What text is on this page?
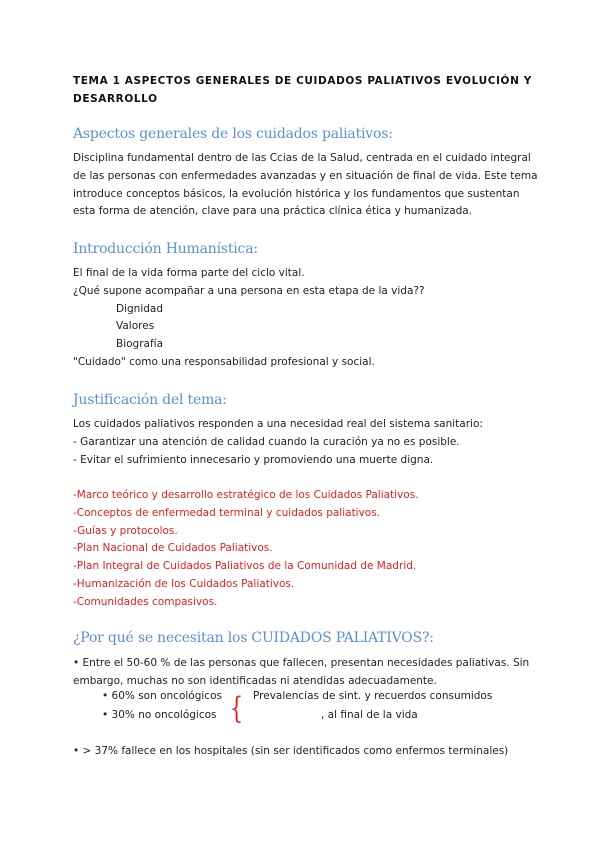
TEMA 1 ASPECTOS GENERALES DE CUIDADOS PALIATIVOS EVOLUCIÓN Y DESARROLLO
Aspectos generales de los cuidados paliativos:
Disciplina fundamental dentro de las Ccias de la Salud, centrada en el cuidado integral
de las personas con enfermedades avanzadas y en situación de final de vida. Este tema
introduce conceptos básicos, la evolución histórica y los fundamentos que sustentan
esta forma de atención, clave para una práctica clínica ética y humanizada.
Introducción Humanística:
El final de la vida forma parte del ciclo vital.
¿Qué supone acompañar a una persona en esta etapa de la vida??
Dignidad
Valores
Biografía
"Cuidado" como una responsabilidad profesional y social.
Justificación del tema:
Los cuidados paliativos responden a una necesidad real del sistema sanitario:
- Garantizar una atención de calidad cuando la curación ya no es posible.
- Evitar el sufrimiento innecesario y promoviendo una muerte digna.
-Marco teórico y desarrollo estratégico de los Cuidados Paliativos.
-Conceptos de enfermedad terminal y cuidados paliativos.
-Guías y protocolos.
-Plan Nacional de Cuidados Paliativos.
-Plan Integral de Cuidados Paliativos de la Comunidad de Madrid.
-Humanización de los Cuidados Paliativos.
-Comunidades compasivos.
¿Por qué se necesitan los CUIDADOS PALIATIVOS?:
• Entre el 50-60 % de las personas que fallecen, presentan necesidades paliativas. Sin
embargo, muchas no son identificadas ni atendidas adecuadamente.
• 60% son oncológicos
• 30% no oncológicos { Prevalencias de sint. y recuerdos consumidos
, al final de la vida
• > 37% fallece en los hospitales (sin ser identificados como enfermos terminales)
